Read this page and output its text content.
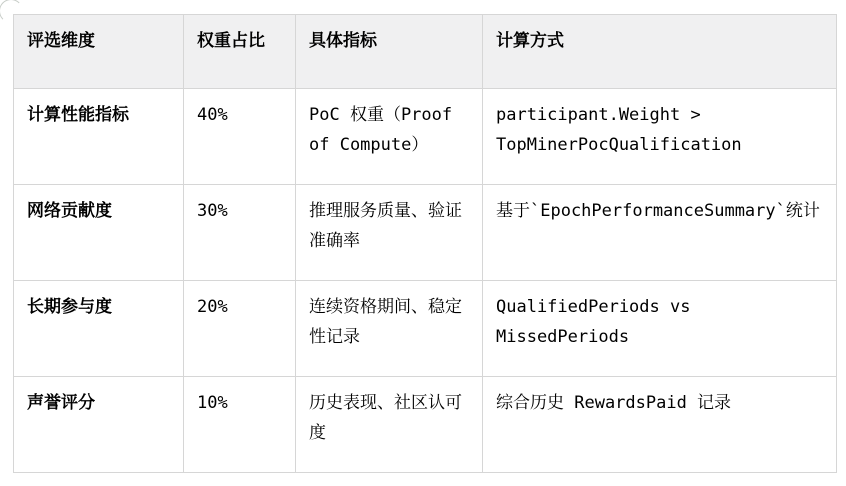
评选维度	权重占比	具体指标	计算方式
计算性能指标	40%	PoC 权重（Proof of Compute）	participant.Weight > TopMinerPocQualification
网络贡献度	30%	推理服务质量、验证准确率	基于`EpochPerformanceSummary`统计
长期参与度	20%	连续资格期间、稳定性记录	QualifiedPeriods vs MissedPeriods
声誉评分	10%	历史表现、社区认可度	综合历史 RewardsPaid 记录
